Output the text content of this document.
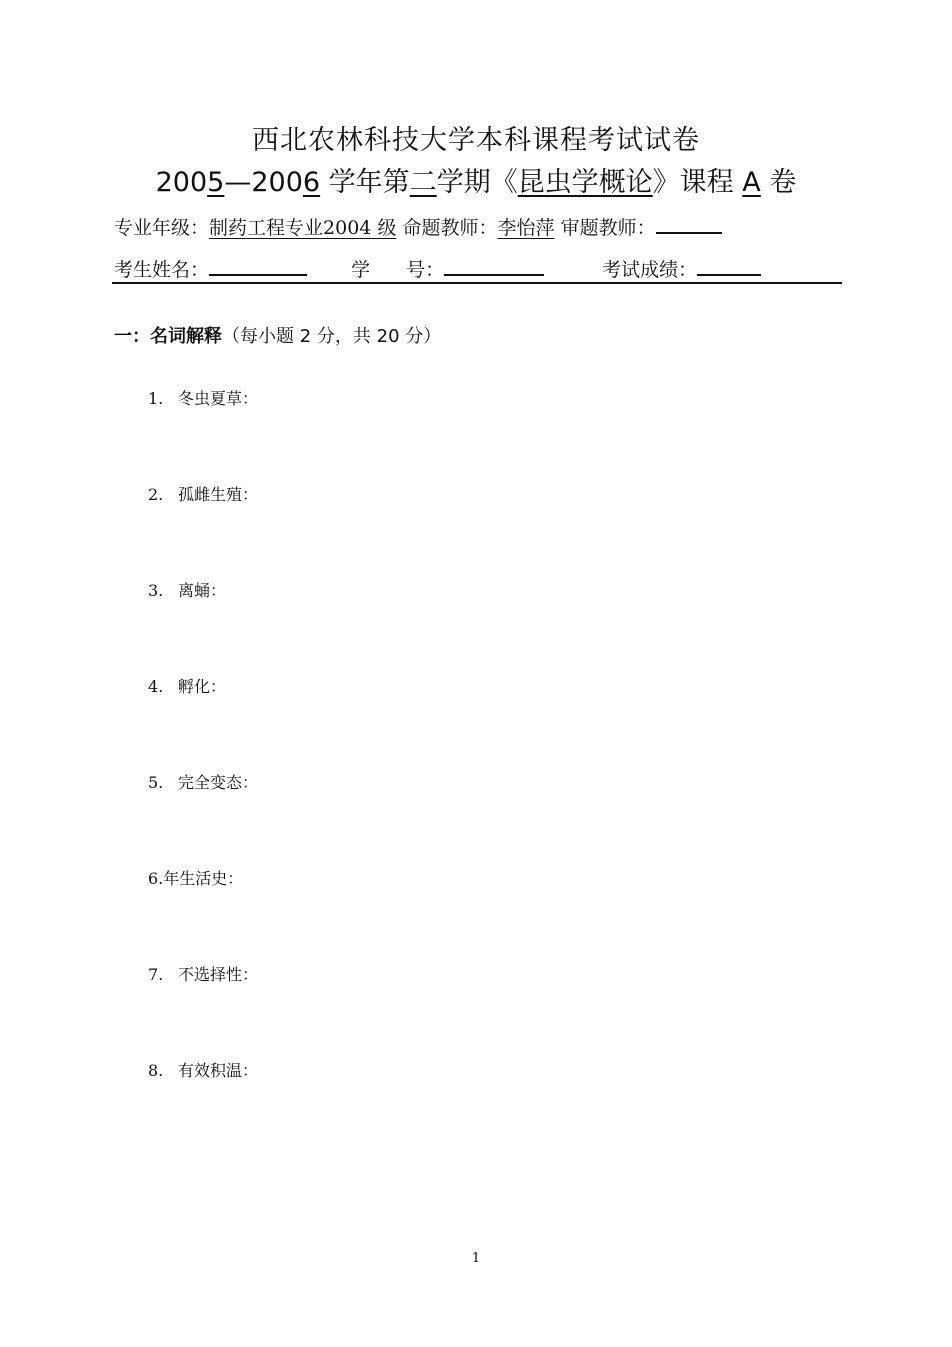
西北农林科技大学本科课程考试试卷
2005—2006 学年第二学期《昆虫学概论》课程 A 卷
专业年级：制药工程专业2004 级 命题教师：李怡萍 审题教师：
考生姓名：	学 号：	考试成绩：
一：名词解释（每小题 2 分，共 20 分）
1. 冬虫夏草：
2. 孤雌生殖：
3. 离蛹：
4. 孵化：
5. 完全变态：
6.年生活史：
7. 不选择性：
8. 有效积温：
1
